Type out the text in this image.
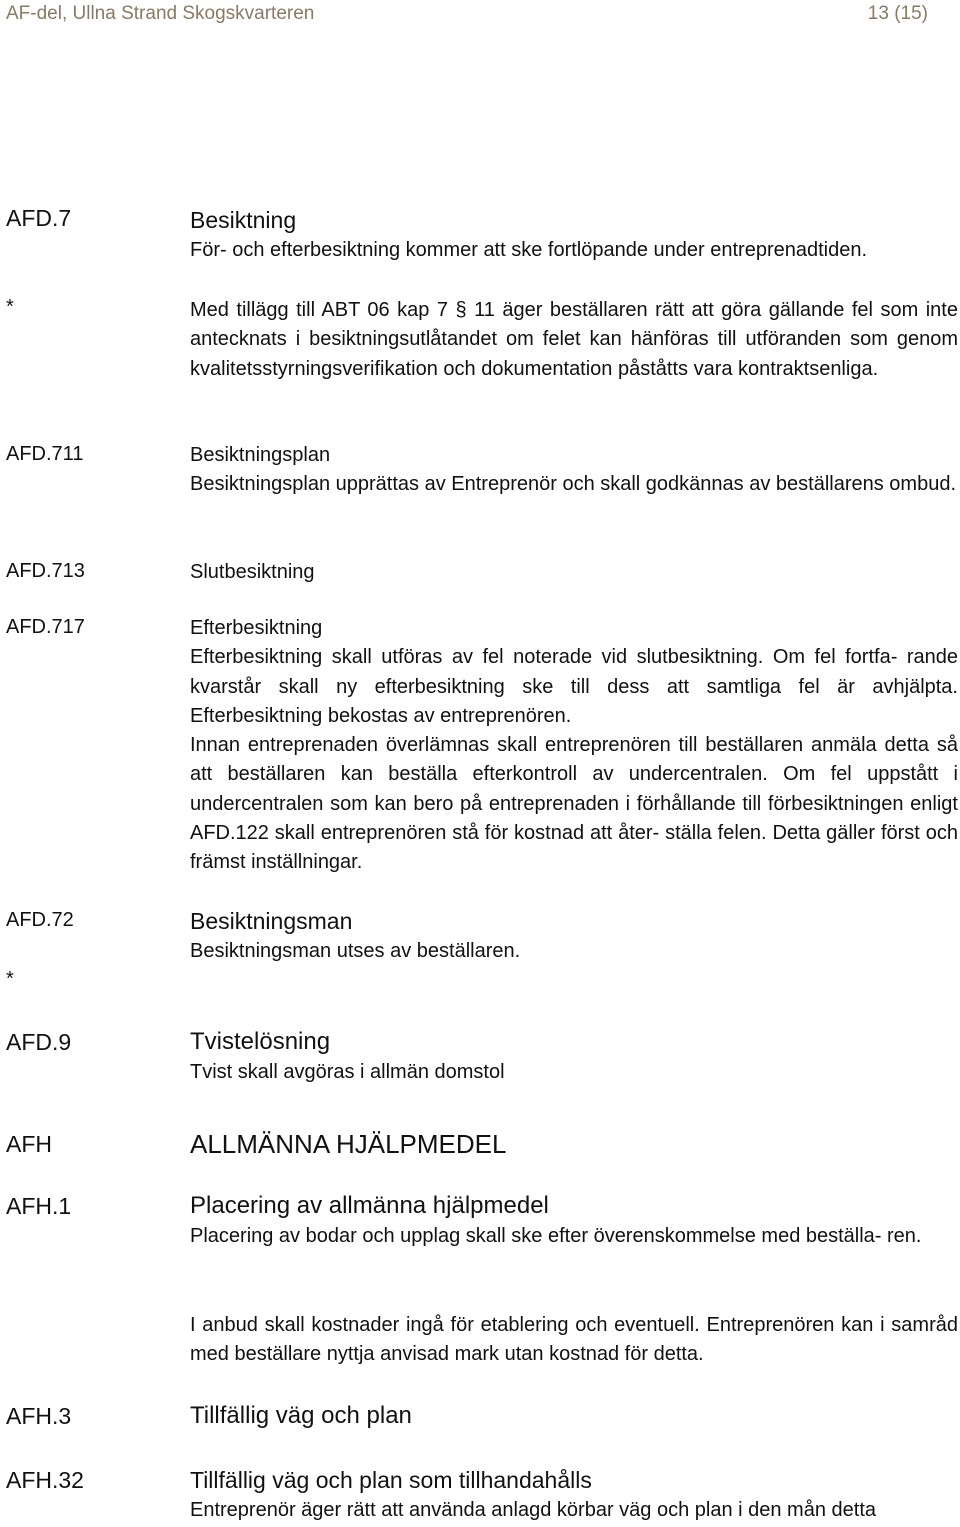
AF-del, Ullna Strand Skogskvarteren	13 (15)
AFD.7
*
AFD.711
AFD.713
AFD.717
AFD.72
*
AFD.9
AFH
AFH.1
AFH.3
AFH.32

Besiktning

För- och efterbesiktning kommer att ske fortlöpande under entreprenadtiden.

Med tillägg till ABT 06 kap 7 § 11 äger beställaren rätt att göra gällande fel som inte antecknats i besiktningsutlåtandet om felet kan hänföras till utföranden som genom kvalitetsstyrningsverifikation och dokumentation påståtts vara kontraktsenliga.

Besiktningsplan

Besiktningsplan upprättas av Entreprenör och skall godkännas av beställarens ombud.

Slutbesiktning

Efterbesiktning

Efterbesiktning skall utföras av fel noterade vid slutbesiktning. Om fel fortfa- rande kvarstår skall ny efterbesiktning ske till dess att samtliga fel är avhjälpta. Efterbesiktning bekostas av entreprenören.

Innan entreprenaden överlämnas skall entreprenören till beställaren anmäla detta så att beställaren kan beställa efterkontroll av undercentralen. Om fel uppstått i undercentralen som kan bero på entreprenaden i förhållande till förbesiktningen enligt AFD.122 skall entreprenören stå för kostnad att åter- ställa felen. Detta gäller först och främst inställningar.

Besiktningsman

Besiktningsman utses av beställaren.

Tvistelösning

Tvist skall avgöras i allmän domstol

ALLMÄNNA HJÄLPMEDEL

Placering av allmänna hjälpmedel

Placering av bodar och upplag skall ske efter överenskommelse med beställa- ren.

I anbud skall kostnader ingå för etablering och eventuell. Entreprenören kan i samråd med beställare nyttja anvisad mark utan kostnad för detta.

Tillfällig väg och plan

Tillfällig väg och plan som tillhandahålls

Entreprenör äger rätt att använda anlagd körbar väg och plan i den mån detta
